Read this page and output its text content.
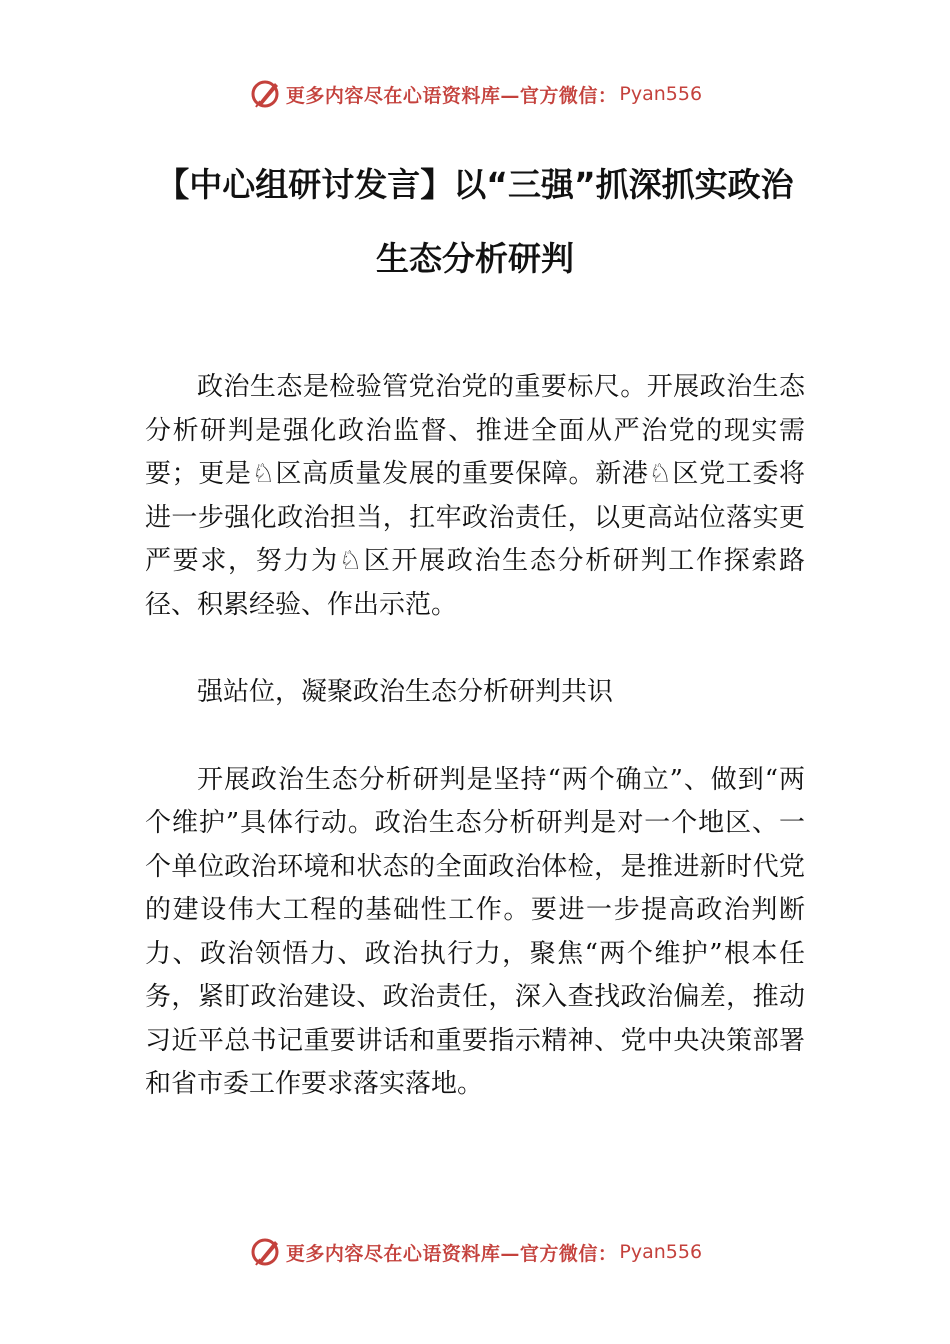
更多内容尽在心语资料库—官方微信： Pyan556
【中心组研讨发言】以“三强”抓深抓实政治生态分析研判

政治生态是检验管党治党的重要标尺。开展政治生态分析研判是强化政治监督、推进全面从严治党的现实需要；更是♘区高质量发展的重要保障。新港♘区党工委将进一步强化政治担当，扛牢政治责任，以更高站位落实更严要求，努力为♘区开展政治生态分析研判工作探索路径、积累经验、作出示范。

强站位，凝聚政治生态分析研判共识

开展政治生态分析研判是坚持“两个确立”、做到“两个维护”具体行动。政治生态分析研判是对一个地区、一个单位政治环境和状态的全面政治体检，是推进新时代党的建设伟大工程的基础性工作。要进一步提高政治判断力、政治领悟力、政治执行力，聚焦“两个维护”根本任务，紧盯政治建设、政治责任，深入查找政治偏差，推动习近平总书记重要讲话和重要指示精神、党中央决策部署和省市委工作要求落实落地。

更多内容尽在心语资料库—官方微信： Pyan556
